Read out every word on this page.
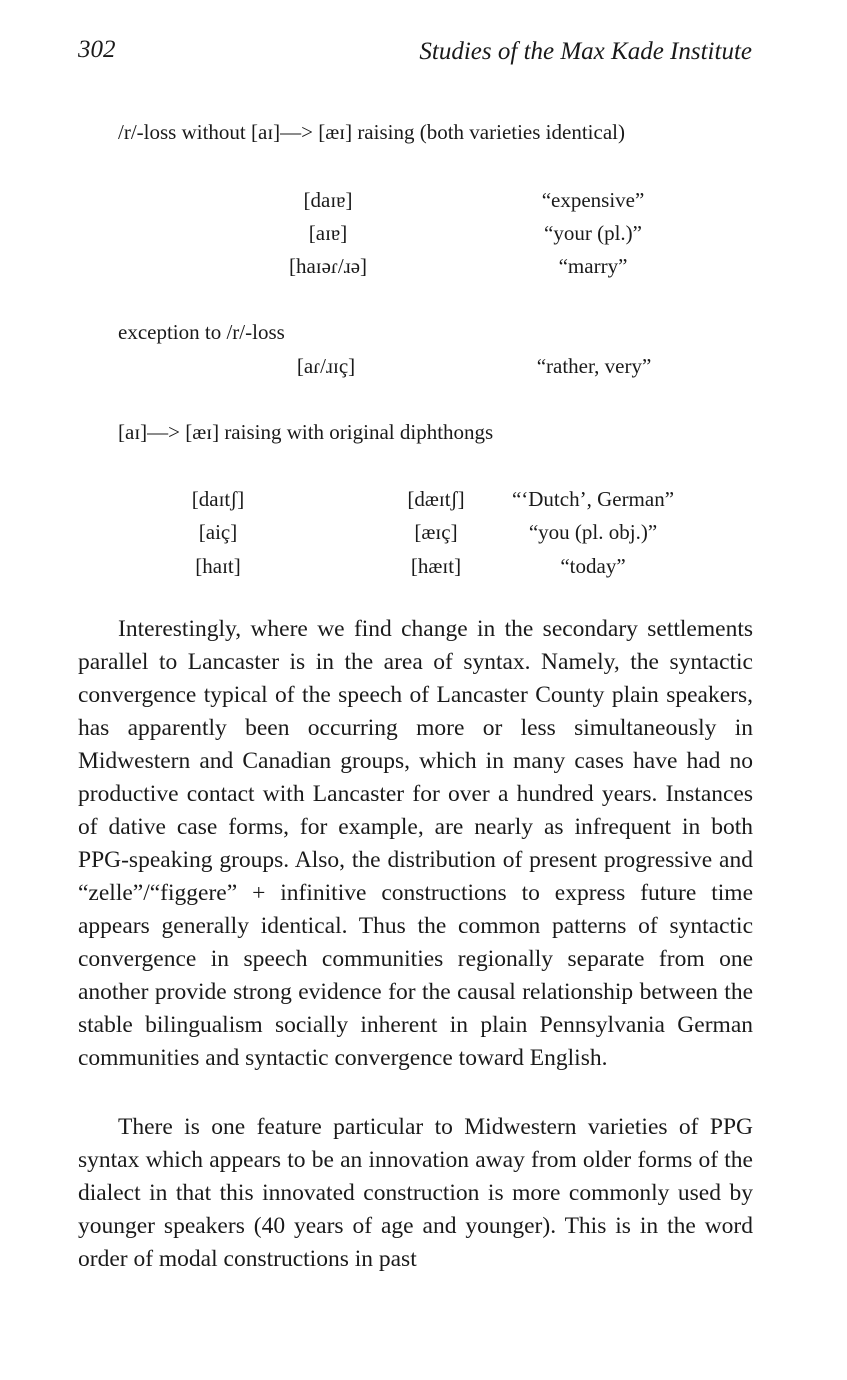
302	Studies of the Max Kade Institute
/r/-loss without [aɪ]—> [æɪ] raising (both varieties identical)
[daɪɐ]	“expensive”
[aɪɐ]	“your (pl.)”
[haɪəɾ/ɹə]	“marry”
exception to /r/-loss
[aɾ/ɹɪç]	“rather, very”
[aɪ]—> [æɪ] raising with original diphthongs
[daɪtʃ]	[dæɪtʃ] “‘Dutch’, German”
[aiç]	[æɪç]	“you (pl. obj.)”
[haɪt]	[hæɪt]	“today”

Interestingly, where we find change in the secondary settlements parallel to Lancaster is in the area of syntax. Namely, the syntactic convergence typical of the speech of Lancaster County plain speakers, has apparently been occurring more or less simultaneously in Midwestern and Canadian groups, which in many cases have had no productive contact with Lancaster for over a hundred years. Instances of dative case forms, for example, are nearly as infrequent in both PPG-speaking groups. Also, the distribution of present progressive and “zelle”/“figgere” + infinitive constructions to express future time appears generally identical. Thus the common patterns of syntactic convergence in speech communities regionally separate from one another provide strong evidence for the causal relationship between the stable bilingualism socially inherent in plain Pennsylvania German communities and syntactic convergence toward English.

There is one feature particular to Midwestern varieties of PPG syntax which appears to be an innovation away from older forms of the dialect in that this innovated construction is more commonly used by younger speakers (40 years of age and younger). This is in the word order of modal constructions in past
